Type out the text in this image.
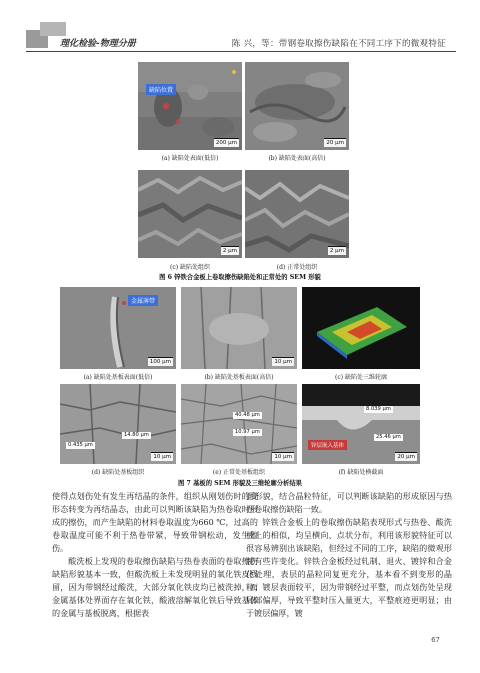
理化检验-物理分册	陈 兴，等：带钢卷取擦伤缺陷在不同工序下的微观特征
缺陷位置
200 μm
(a) 缺陷处表面(低倍)
20 μm
(b) 缺陷处表面(高倍)
2 μm
(c) 缺陷处组织
2 μm
(d) 正常处组织
图 6 锌铁合金板上卷取擦伤缺陷处和正常处的 SEM 形貌
金属薄带
100 μm
(a) 缺陷处基板表面(低倍)
10 μm
(b) 缺陷处基板表面(高倍)	(c) 缺陷处三维轮廓
14.80 μm
0.435 μm
10 μm
(d) 缺陷处基板组织
40.48 μm
10.97 μm
10 μm
(e) 正常处基板组织
8.039 μm
25.46 μm
锌层嵌入基体
20 μm
(f) 缺陷处横截面
图 7 基板的 SEM 形貌及三维轮廓分析结果

使得点划伤处有发生再结晶的条件，组织从刚划伤时的变形态转变为再结晶态，由此可以判断该缺陷为热卷取时形成的擦伤，而产生缺陷的材料卷取温度为660 ℃，过高的卷取温度可能不利于热卷带紧，导致带钢松动，发生擦伤。

酸洗板上发现的卷取擦伤缺陷与热卷表面的卷取擦伤缺陷形貌基本一致，但酸洗板上未发现明显的氧化铁皮残留，因为带钢经过酸洗，大部分氧化铁皮均已被洗掉，而金属基体处界面存在氧化铁，酸液溶解氧化铁后导致基体的金属与基板脱离，根据表

面形貌，结合晶粒特征，可以判断该缺陷的形成原因与热卷卷取擦伤缺陷一致。

锌铁合金板上的卷取擦伤缺陷表现形式与热卷、酸洗板上的相似，均呈横向、点状分布，利用该形貌特征可以很容易辨别出该缺陷，但经过不同的工序，缺陷的微观形貌有些许变化。锌铁合金板经过轧制、退火、镀锌和合金化处理，表层的晶粒同复更充分，基本看不到变形的晶粒；镀层表面较平，因为带钢经过平整，而点划伤处呈现局部偏厚，导致平整时压入量更大，平整痕迹更明显；由于镀层偏厚，镀

67
